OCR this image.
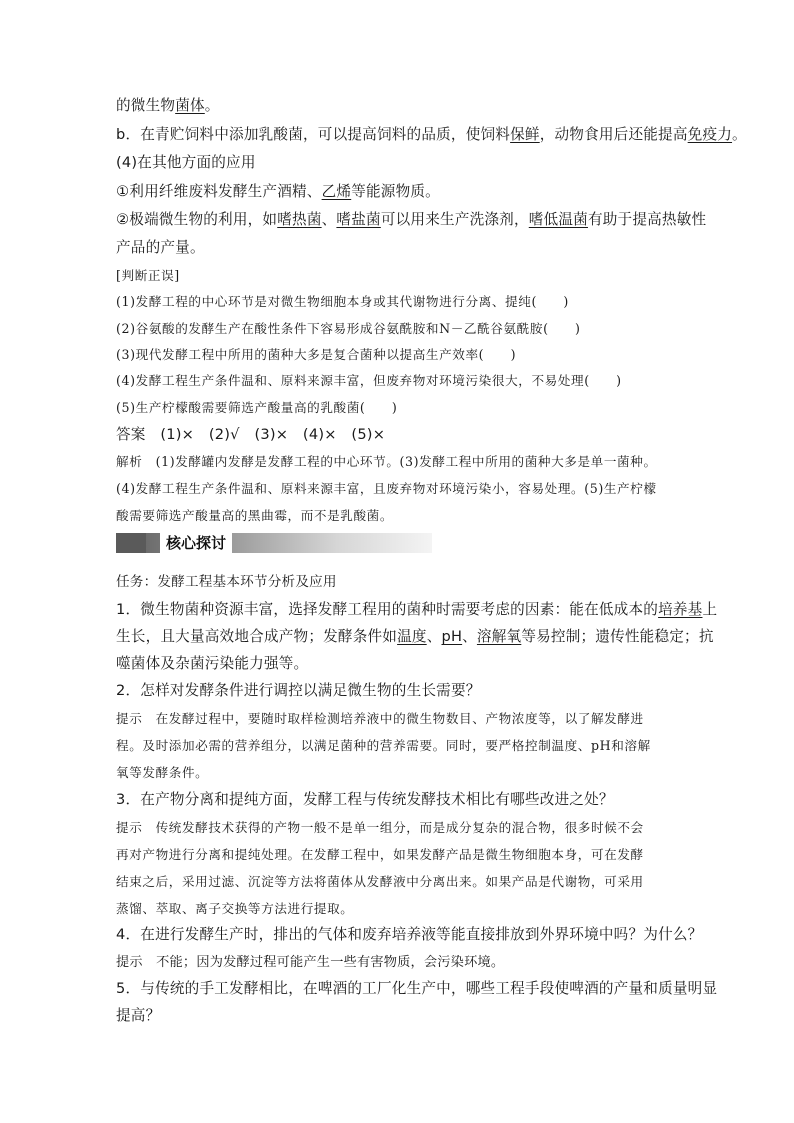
的微生物菌体。
b．在青贮饲料中添加乳酸菌，可以提高饲料的品质，使饲料保鲜，动物食用后还能提高免疫力。
(4)在其他方面的应用
①利用纤维废料发酵生产酒精、乙烯等能源物质。
②极端微生物的利用，如嗜热菌、嗜盐菌可以用来生产洗涤剂，嗜低温菌有助于提高热敏性
产品的产量。
[判断正误]
(1)发酵工程的中心环节是对微生物细胞本身或其代谢物进行分离、提纯(　　)
(2)谷氨酸的发酵生产在酸性条件下容易形成谷氨酰胺和N－乙酰谷氨酰胺(　　)
(3)现代发酵工程中所用的菌种大多是复合菌种以提高生产效率(　　)
(4)发酵工程生产条件温和、原料来源丰富，但废弃物对环境污染很大，不易处理(　　)
(5)生产柠檬酸需要筛选产酸量高的乳酸菌(　　)
答案　(1)×　(2)√　(3)×　(4)×　(5)×
解析　(1)发酵罐内发酵是发酵工程的中心环节。(3)发酵工程中所用的菌种大多是单一菌种。
(4)发酵工程生产条件温和、原料来源丰富，且废弃物对环境污染小，容易处理。(5)生产柠檬
酸需要筛选产酸量高的黑曲霉，而不是乳酸菌。
核心探讨
任务：发酵工程基本环节分析及应用
1．微生物菌种资源丰富，选择发酵工程用的菌种时需要考虑的因素：能在低成本的培养基上
生长，且大量高效地合成产物；发酵条件如温度、pH、溶解氧等易控制；遗传性能稳定；抗
噬菌体及杂菌污染能力强等。
2．怎样对发酵条件进行调控以满足微生物的生长需要？
提示　在发酵过程中，要随时取样检测培养液中的微生物数目、产物浓度等，以了解发酵进
程。及时添加必需的营养组分，以满足菌种的营养需要。同时，要严格控制温度、pH和溶解
氧等发酵条件。
3．在产物分离和提纯方面，发酵工程与传统发酵技术相比有哪些改进之处？
提示　传统发酵技术获得的产物一般不是单一组分，而是成分复杂的混合物，很多时候不会
再对产物进行分离和提纯处理。在发酵工程中，如果发酵产品是微生物细胞本身，可在发酵
结束之后，采用过滤、沉淀等方法将菌体从发酵液中分离出来。如果产品是代谢物，可采用
蒸馏、萃取、离子交换等方法进行提取。
4．在进行发酵生产时，排出的气体和废弃培养液等能直接排放到外界环境中吗？为什么？
提示　不能；因为发酵过程可能产生一些有害物质，会污染环境。
5．与传统的手工发酵相比，在啤酒的工厂化生产中，哪些工程手段使啤酒的产量和质量明显
提高？
